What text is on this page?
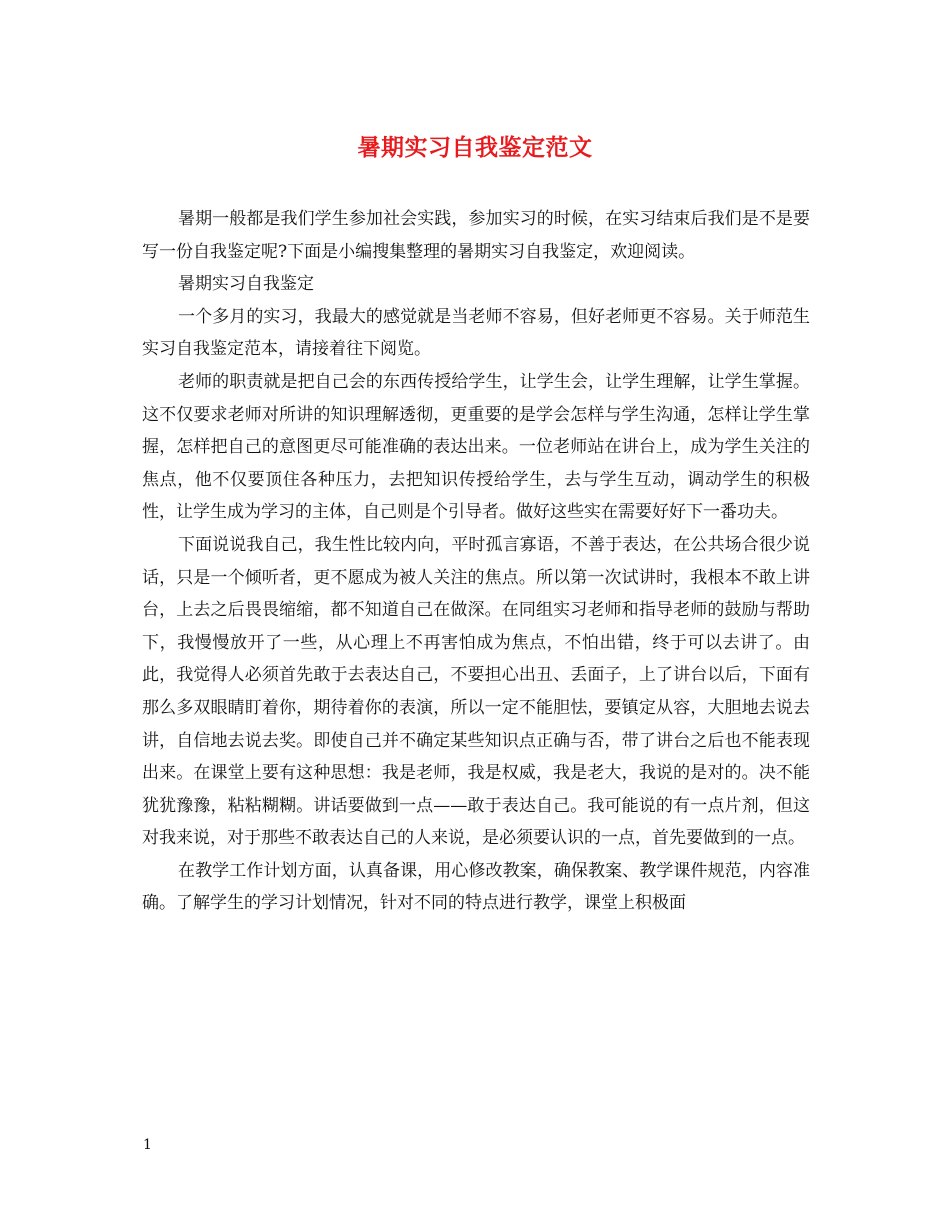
暑期实习自我鉴定范文

暑期一般都是我们学生参加社会实践，参加实习的时候，在实习结束后我们是不是要写一份自我鉴定呢?下面是小编搜集整理的暑期实习自我鉴定，欢迎阅读。

暑期实习自我鉴定

一个多月的实习，我最大的感觉就是当老师不容易，但好老师更不容易。关于师范生实习自我鉴定范本，请接着往下阅览。

老师的职责就是把自己会的东西传授给学生，让学生会，让学生理解，让学生掌握。这不仅要求老师对所讲的知识理解透彻，更重要的是学会怎样与学生沟通，怎样让学生掌握，怎样把自己的意图更尽可能准确的表达出来。一位老师站在讲台上，成为学生关注的焦点，他不仅要顶住各种压力，去把知识传授给学生，去与学生互动，调动学生的积极性，让学生成为学习的主体，自己则是个引导者。做好这些实在需要好好下一番功夫。

下面说说我自己，我生性比较内向，平时孤言寡语，不善于表达，在公共场合很少说话，只是一个倾听者，更不愿成为被人关注的焦点。所以第一次试讲时，我根本不敢上讲台，上去之后畏畏缩缩，都不知道自己在做深。在同组实习老师和指导老师的鼓励与帮助下，我慢慢放开了一些，从心理上不再害怕成为焦点，不怕出错，终于可以去讲了。由此，我觉得人必须首先敢于去表达自己，不要担心出丑、丢面子，上了讲台以后，下面有那么多双眼睛盯着你，期待着你的表演，所以一定不能胆怯，要镇定从容，大胆地去说去讲，自信地去说去奖。即使自己并不确定某些知识点正确与否，带了讲台之后也不能表现出来。在课堂上要有这种思想：我是老师，我是权威，我是老大，我说的是对的。决不能犹犹豫豫，粘粘糊糊。讲话要做到一点——敢于表达自己。我可能说的有一点片剂，但这对我来说，对于那些不敢表达自己的人来说，是必须要认识的一点，首先要做到的一点。

在教学工作计划方面，认真备课，用心修改教案，确保教案、教学课件规范，内容准确。了解学生的学习计划情况，针对不同的特点进行教学，课堂上积极面

1
